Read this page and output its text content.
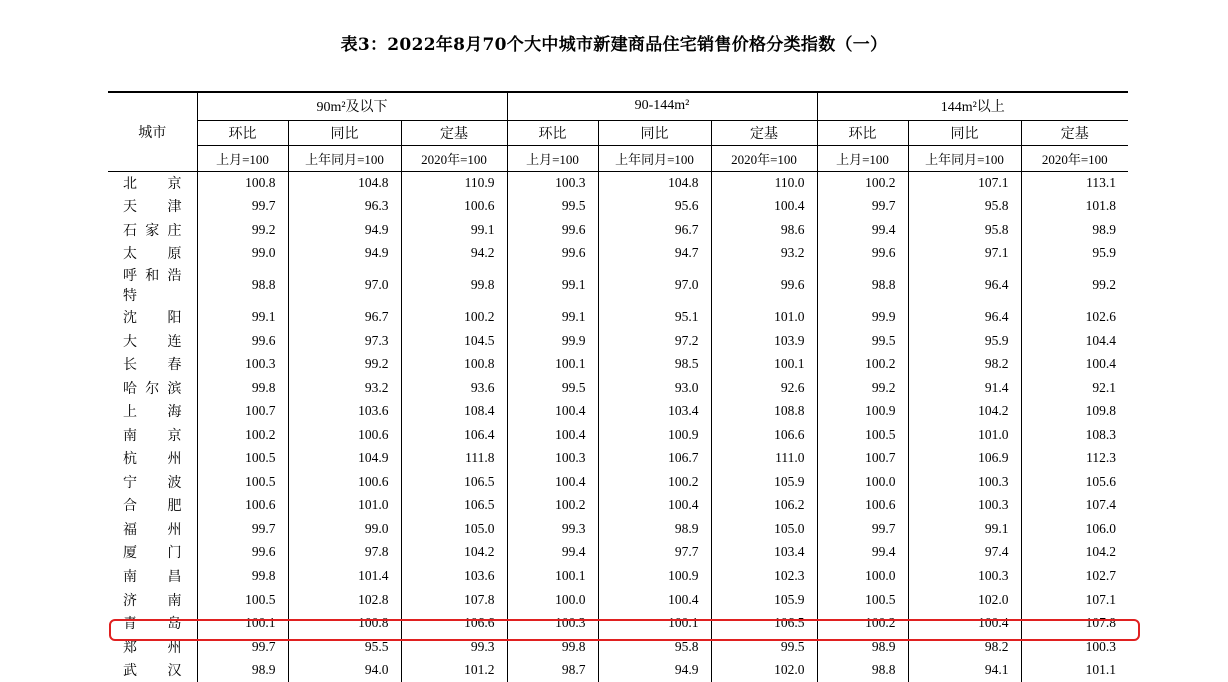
表3：2022年8月70个大中城市新建商品住宅销售价格分类指数（一）
城市	90m²及以下			90-144m²			144m²以上		
	环比	同比	定基	环比	同比	定基	环比	同比	定基
	上月=100	上年同月=100	2020年=100	上月=100	上年同月=100	2020年=100	上月=100	上年同月=100	2020年=100
北京	100.8	104.8	110.9	100.3	104.8	110.0	100.2	107.1	113.1
天津	99.7	96.3	100.6	99.5	95.6	100.4	99.7	95.8	101.8
石家庄	99.2	94.9	99.1	99.6	96.7	98.6	99.4	95.8	98.9
太原	99.0	94.9	94.2	99.6	94.7	93.2	99.6	97.1	95.9
呼和浩特	98.8	97.0	99.8	99.1	97.0	99.6	98.8	96.4	99.2
沈阳	99.1	96.7	100.2	99.1	95.1	101.0	99.9	96.4	102.6
大连	99.6	97.3	104.5	99.9	97.2	103.9	99.5	95.9	104.4
长春	100.3	99.2	100.8	100.1	98.5	100.1	100.2	98.2	100.4
哈尔滨	99.8	93.2	93.6	99.5	93.0	92.6	99.2	91.4	92.1
上海	100.7	103.6	108.4	100.4	103.4	108.8	100.9	104.2	109.8
南京	100.2	100.6	106.4	100.4	100.9	106.6	100.5	101.0	108.3
杭州	100.5	104.9	111.8	100.3	106.7	111.0	100.7	106.9	112.3
宁波	100.5	100.6	106.5	100.4	100.2	105.9	100.0	100.3	105.6
合肥	100.6	101.0	106.5	100.2	100.4	106.2	100.6	100.3	107.4
福州	99.7	99.0	105.0	99.3	98.9	105.0	99.7	99.1	106.0
厦门	99.6	97.8	104.2	99.4	97.7	103.4	99.4	97.4	104.2
南昌	99.8	101.4	103.6	100.1	100.9	102.3	100.0	100.3	102.7
济南	100.5	102.8	107.8	100.0	100.4	105.9	100.5	102.0	107.1
青岛	100.1	100.8	106.6	100.3	100.1	106.5	100.2	100.4	107.8
郑州	99.7	95.5	99.3	99.8	95.8	99.5	98.9	98.2	100.3
武汉	98.9	94.0	101.2	98.7	94.9	102.0	98.8	94.1	101.1
